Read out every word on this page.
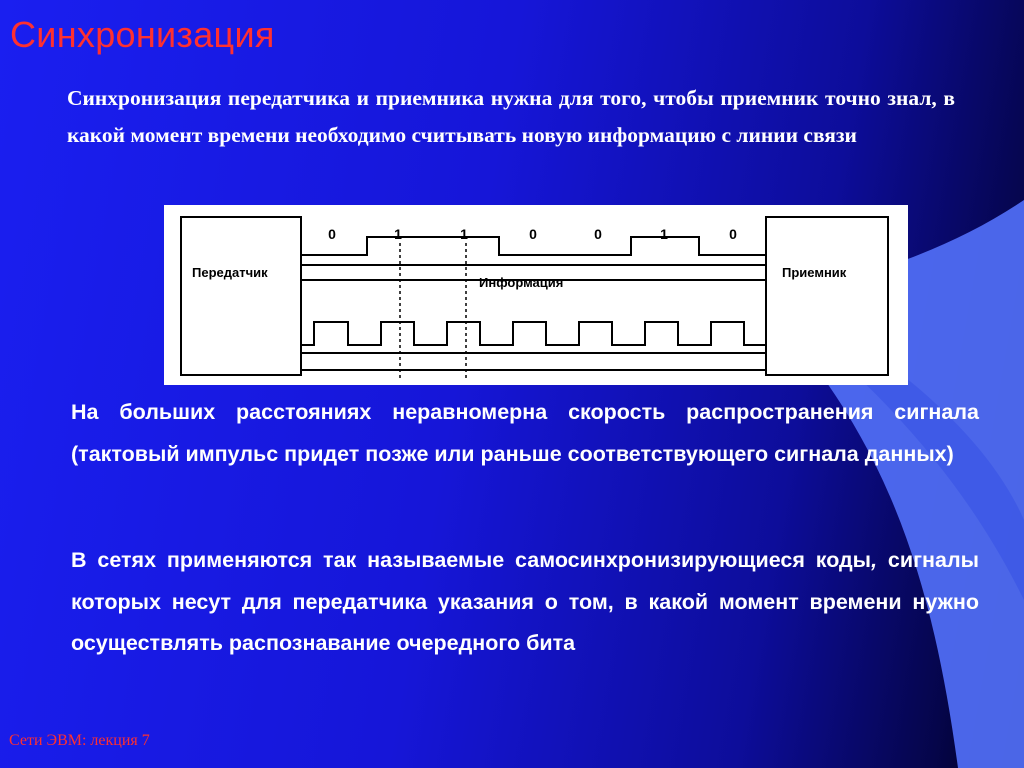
Синхронизация
Синхронизация передатчика и приемника нужна для того, чтобы приемник точно знал, в какой момент времени необходимо считывать новую информацию с линии связи
0	1	1	0	0	1	0
Передатчик	Приемник
Информация
На больших расстояниях неравномерна скорость распространения сигнала (тактовый импульс придет позже или раньше соответствующего сигнала данных)
В сетях применяются так называемые самосинхронизирующиеся коды, сигналы которых несут для передатчика указания о том, в какой момент времени нужно осуществлять распознавание очередного бита
Сети ЭВМ: лекция 7
